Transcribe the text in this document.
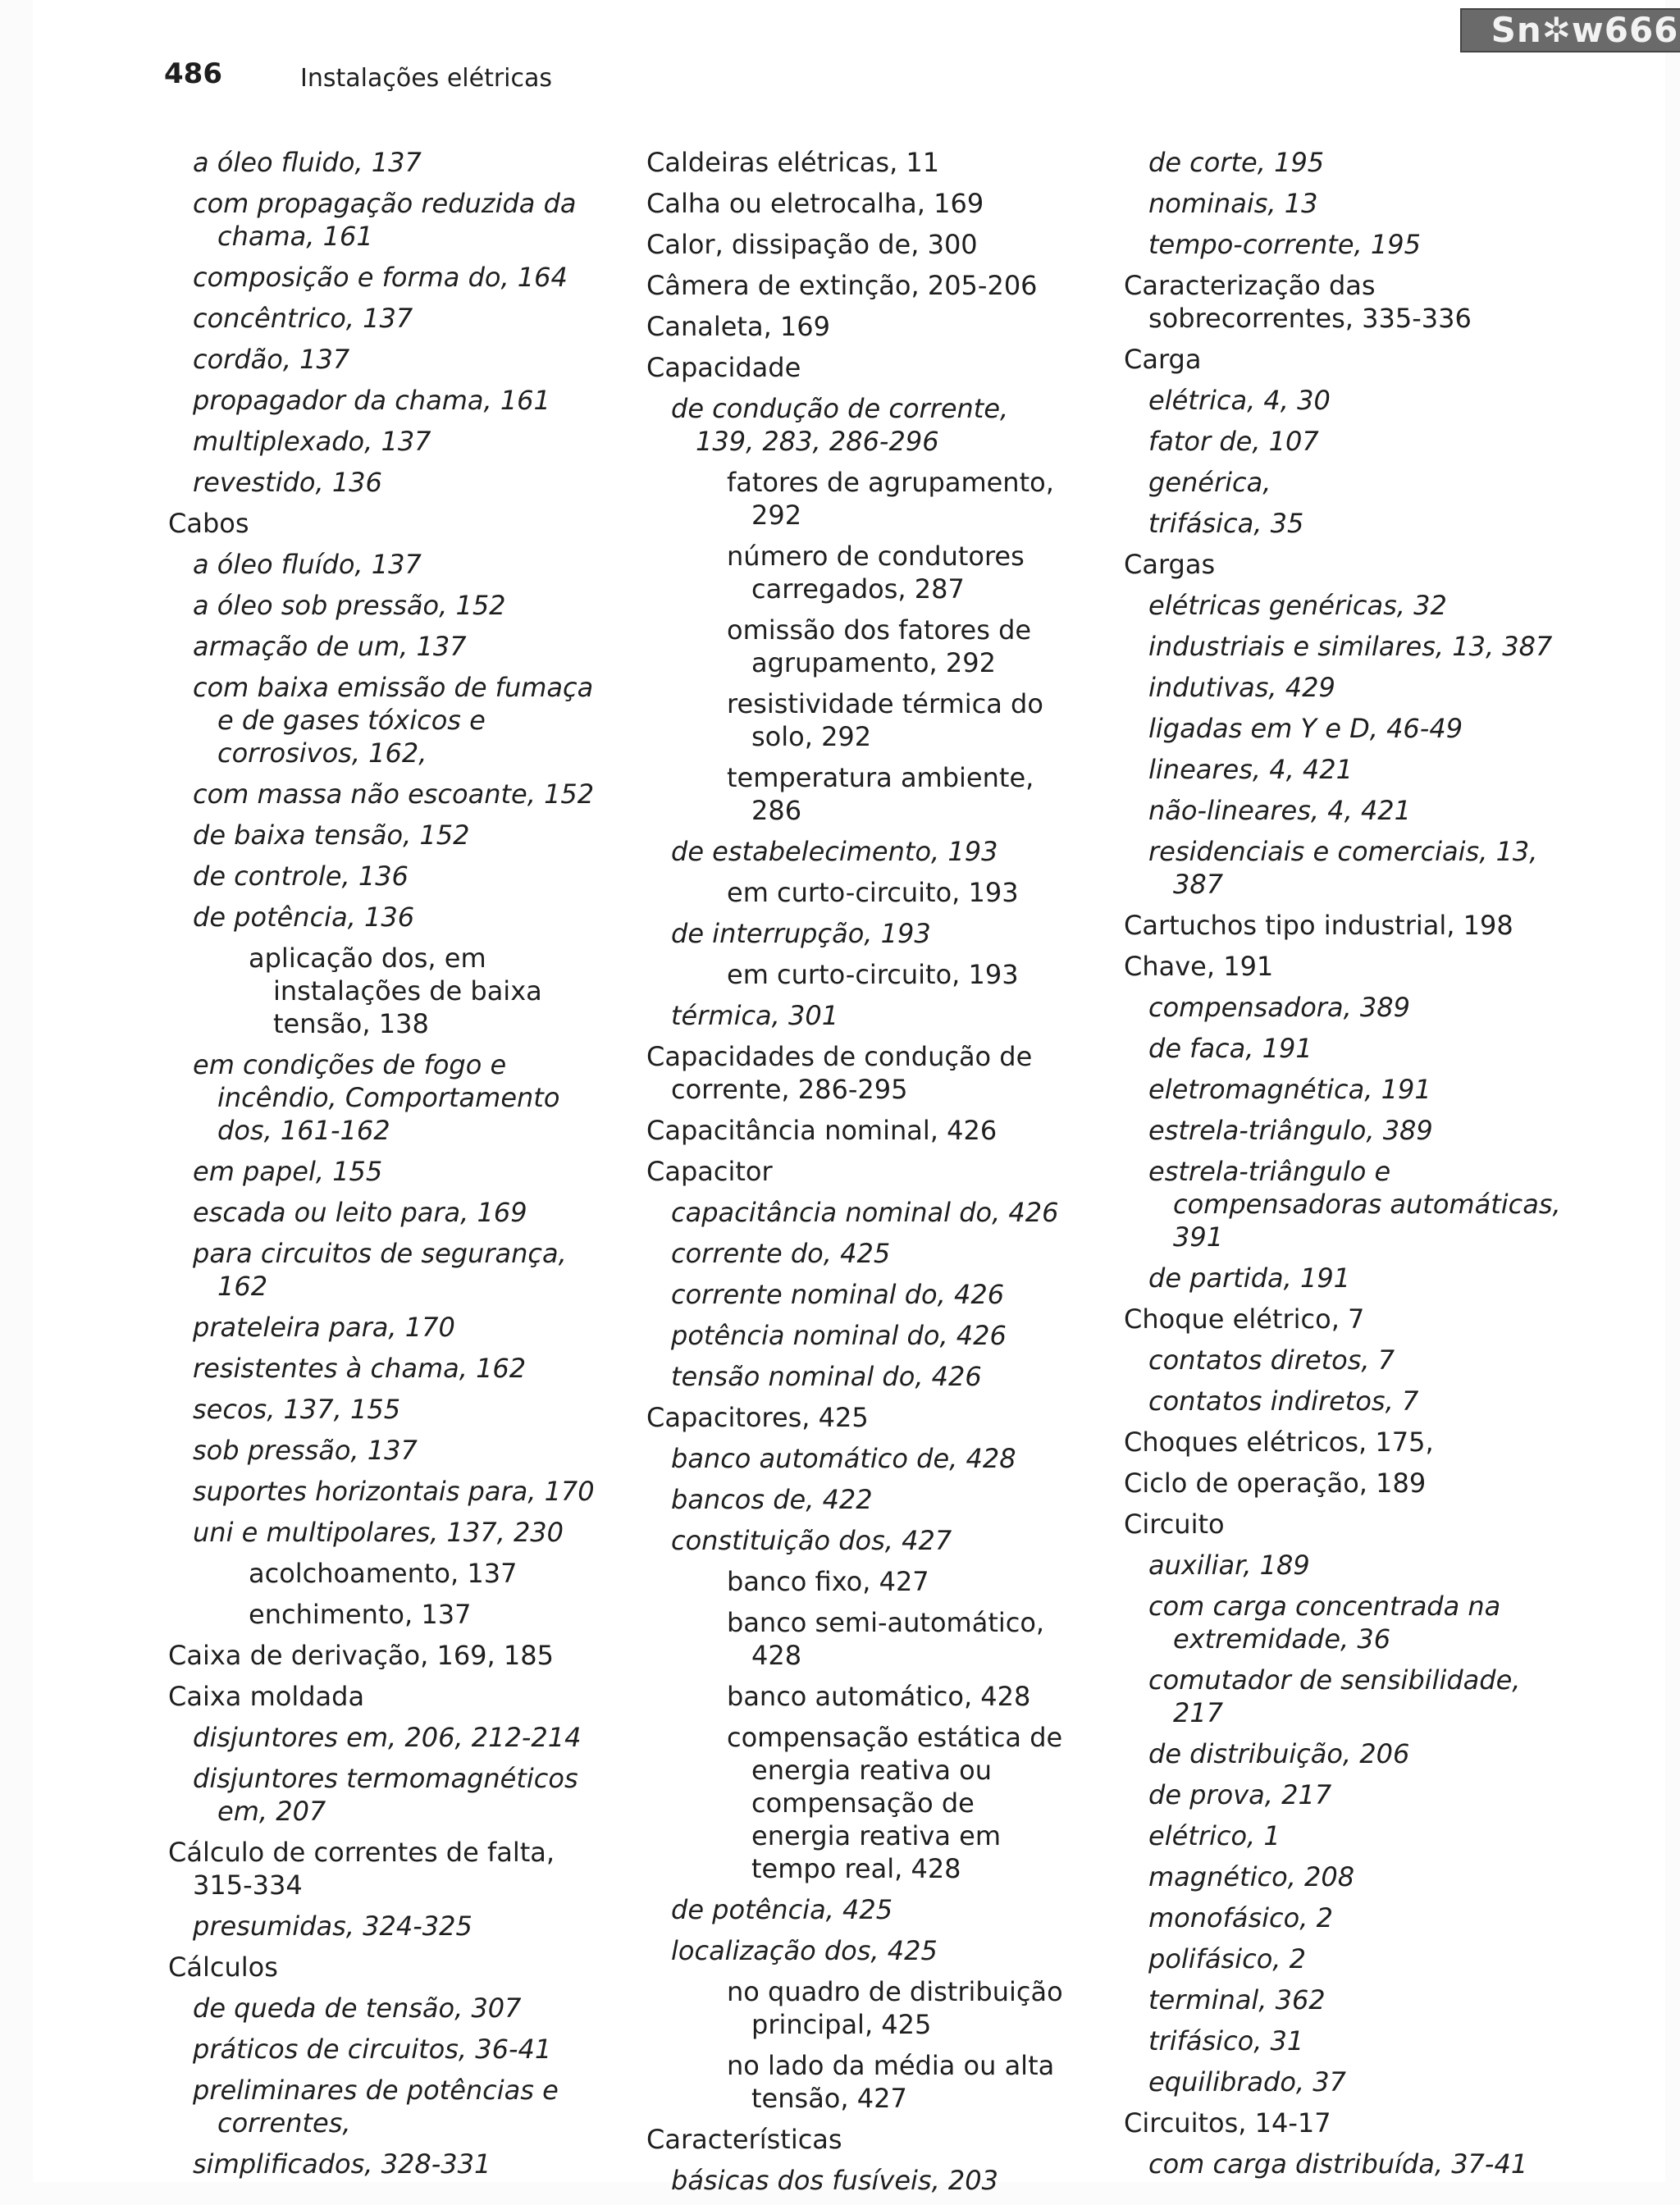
Sn✲w666
486	Instalações elétricas
a óleo fluido, 137
com propagação reduzida da chama, 161
composição e forma do, 164
concêntrico, 137
cordão, 137
propagador da chama, 161
multiplexado, 137
revestido, 136
Cabos
a óleo fluído, 137
a óleo sob pressão, 152
armação de um, 137
com baixa emissão de fumaça e de gases tóxicos e corrosivos, 162,
com massa não escoante, 152
de baixa tensão, 152
de controle, 136
de potência, 136
aplicação dos, em instalações de baixa tensão, 138
em condições de fogo e incêndio, Comportamento dos, 161-162
em papel, 155
escada ou leito para, 169
para circuitos de segurança, 162
prateleira para, 170
resistentes à chama, 162
secos, 137, 155
sob pressão, 137
suportes horizontais para, 170
uni e multipolares, 137, 230
acolchoamento, 137
enchimento, 137
Caixa de derivação, 169, 185
Caixa moldada
disjuntores em, 206, 212-214
disjuntores termomagnéticos em, 207
Cálculo de correntes de falta, 315-334
presumidas, 324-325
Cálculos
de queda de tensão, 307
práticos de circuitos, 36-41
preliminares de potências e correntes,
simplificados, 328-331
Caldeiras elétricas, 11
Calha ou eletrocalha, 169
Calor, dissipação de, 300
Câmera de extinção, 205-206
Canaleta, 169
Capacidade
de condução de corrente, 139, 283, 286-296
fatores de agrupamento, 292
número de condutores carregados, 287
omissão dos fatores de agrupamento, 292
resistividade térmica do solo, 292
temperatura ambiente, 286
de estabelecimento, 193
em curto-circuito, 193
de interrupção, 193
em curto-circuito, 193
térmica, 301
Capacidades de condução de corrente, 286-295
Capacitância nominal, 426
Capacitor
capacitância nominal do, 426
corrente do, 425
corrente nominal do, 426
potência nominal do, 426
tensão nominal do, 426
Capacitores, 425
banco automático de, 428
bancos de, 422
constituição dos, 427
banco fixo, 427
banco semi-automático, 428
banco automático, 428
compensação estática de energia reativa ou compensação de energia reativa em tempo real, 428
de potência, 425
localização dos, 425
no quadro de distribuição principal, 425
no lado da média ou alta tensão, 427
Características
básicas dos fusíveis, 203
de corte, 195
nominais, 13
tempo-corrente, 195
Caracterização das sobrecorrentes, 335-336
Carga
elétrica, 4, 30
fator de, 107
genérica,
trifásica, 35
Cargas
elétricas genéricas, 32
industriais e similares, 13, 387
indutivas, 429
ligadas em Y e D, 46-49
lineares, 4, 421
não-lineares, 4, 421
residenciais e comerciais, 13, 387
Cartuchos tipo industrial, 198
Chave, 191
compensadora, 389
de faca, 191
eletromagnética, 191
estrela-triângulo, 389
estrela-triângulo e compensadoras automáticas, 391
de partida, 191
Choque elétrico, 7
contatos diretos, 7
contatos indiretos, 7
Choques elétricos, 175,
Ciclo de operação, 189
Circuito
auxiliar, 189
com carga concentrada na extremidade, 36
comutador de sensibilidade, 217
de distribuição, 206
de prova, 217
elétrico, 1
magnético, 208
monofásico, 2
polifásico, 2
terminal, 362
trifásico, 31
equilibrado, 37
Circuitos, 14-17
com carga distribuída, 37-41
